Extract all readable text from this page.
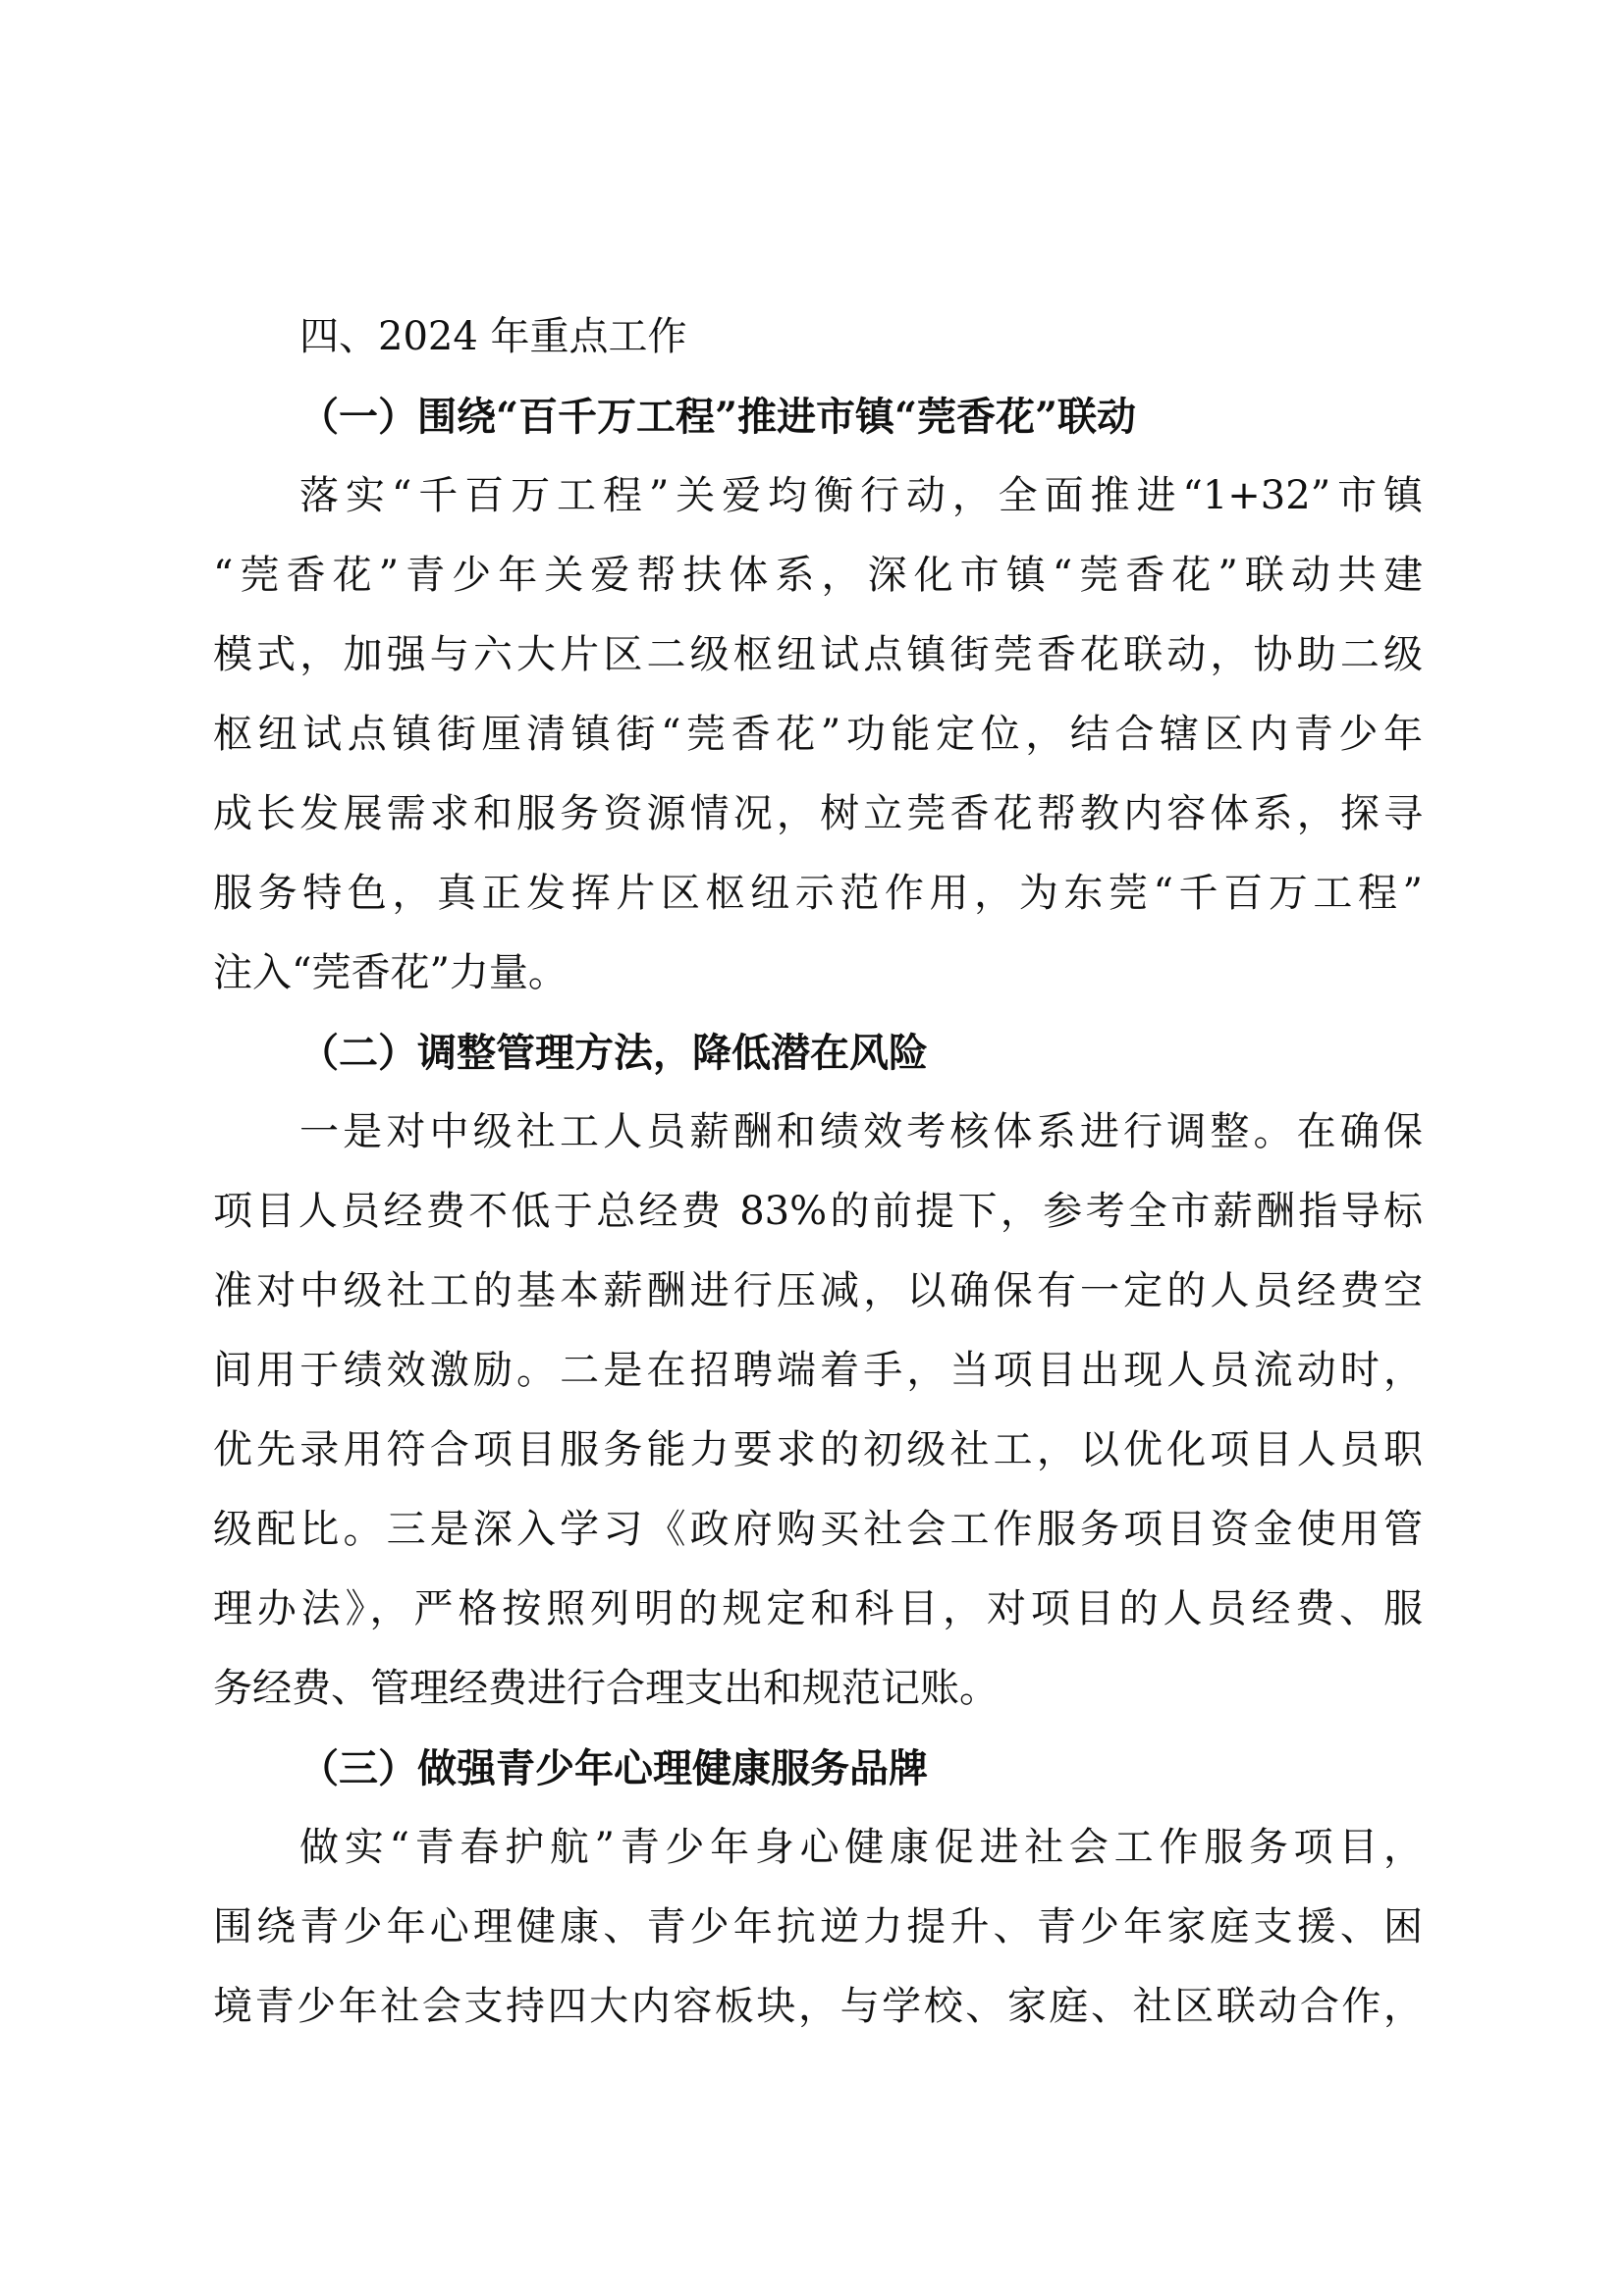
四、2024 年重点工作
（一）围绕“百千万工程”推进市镇“莞香花”联动

落实“千百万工程”关爱均衡行动，全面推进“1+32”市镇
“莞香花”青少年关爱帮扶体系，深化市镇“莞香花”联动共建
模式，加强与六大片区二级枢纽试点镇街莞香花联动，协助二级
枢纽试点镇街厘清镇街“莞香花”功能定位，结合辖区内青少年
成长发展需求和服务资源情况，树立莞香花帮教内容体系，探寻
服务特色，真正发挥片区枢纽示范作用，为东莞“千百万工程”
注入“莞香花”力量。

（二）调整管理方法，降低潜在风险

一是对中级社工人员薪酬和绩效考核体系进行调整。在确保
项目人员经费不低于总经费 83%的前提下，参考全市薪酬指导标
准对中级社工的基本薪酬进行压减，以确保有一定的人员经费空
间用于绩效激励。二是在招聘端着手，当项目出现人员流动时，
优先录用符合项目服务能力要求的初级社工，以优化项目人员职
级配比。三是深入学习《政府购买社会工作服务项目资金使用管
理办法》，严格按照列明的规定和科目，对项目的人员经费、服
务经费、管理经费进行合理支出和规范记账。

（三）做强青少年心理健康服务品牌

做实“青春护航”青少年身心健康促进社会工作服务项目，
围绕青少年心理健康、青少年抗逆力提升、青少年家庭支援、困
境青少年社会支持四大内容板块，与学校、家庭、社区联动合作，
